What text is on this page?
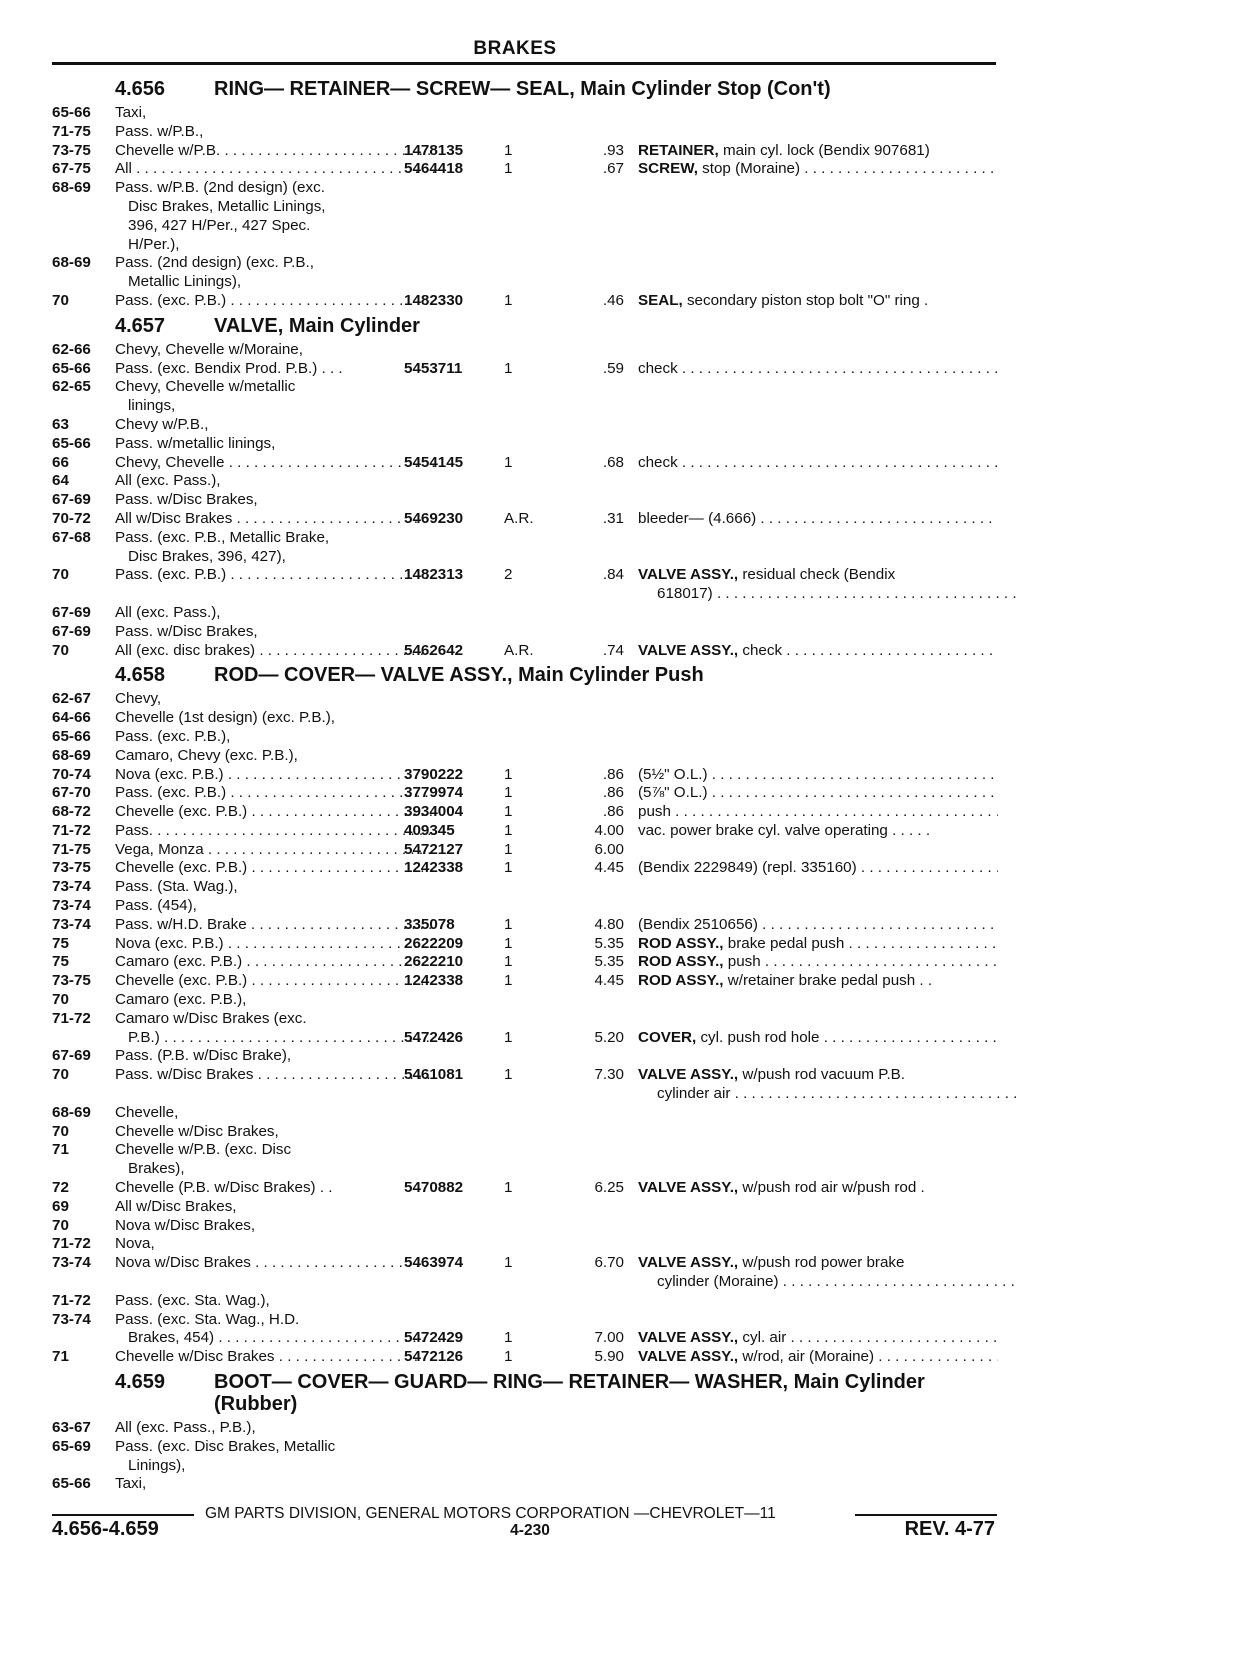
BRAKES
4.656 RING— RETAINER— SCREW— SEAL, Main Cylinder Stop (Con't)
65-66 Taxi,
71-75 Pass. w/P.B.,
73-75 Chevelle w/P.B. . . .	1478135	1	.93 RETAINER, main cyl. lock (Bendix 907681)
67-75 All . . .	5464418	1	.67 SCREW, stop (Moraine) . . .
68-69 Pass. w/P.B. (2nd design) (exc.
Disc Brakes, Metallic Linings,
396, 427 H/Per., 427 Spec.
H/Per.),
68-69 Pass. (2nd design) (exc. P.B.,
Metallic Linings),
70	Pass. (exc. P.B.) . . .	1482330	1	.46 SEAL, secondary piston stop bolt "O" ring .
4.657 VALVE, Main Cylinder
62-66 Chevy, Chevelle w/Moraine,
65-66 Pass. (exc. Bendix Prod. P.B.) . . .	5453711	1	.59 check . . .
62-65 Chevy, Chevelle w/metallic
linings,
63	Chevy w/P.B.,
65-66 Pass. w/metallic linings,
66	Chevy, Chevelle . . .	5454145	1	.68 check . . .
64	All (exc. Pass.),
67-69 Pass. w/Disc Brakes,
70-72 All w/Disc Brakes . . .	5469230	A.R.	.31 bleeder— (4.666) . . .
67-68 Pass. (exc. P.B., Metallic Brake,
Disc Brakes, 396, 427),
70	Pass. (exc. P.B.) . . .	1482313	2	.84 VALVE ASSY., residual check (Bendix
618017) . . .
67-69 All (exc. Pass.),
67-69 Pass. w/Disc Brakes,
70	All (exc. disc brakes) . . .	5462642	A.R.	.74 VALVE ASSY., check . . .
4.658 ROD— COVER— VALVE ASSY., Main Cylinder Push
62-67 Chevy,
64-66 Chevelle (1st design) (exc. P.B.),
65-66 Pass. (exc. P.B.),
68-69 Camaro, Chevy (exc. P.B.),
70-74 Nova (exc. P.B.) . . .	3790222	1	.86 (5½" O.L.) . . .
67-70 Pass. (exc. P.B.) . . .	3779974	1	.86 (5⅞" O.L.) . . .
68-72 Chevelle (exc. P.B.) . . .	3934004	1	.86 push . . .
71-72 Pass. . . .	409345	1	4.00 vac. power brake cyl. valve operating . . . . .
71-75 Vega, Monza . . .	5472127	1	6.00
73-75 Chevelle (exc. P.B.) . . .	1242338	1	4.45 (Bendix 2229849) (repl. 335160) . . .
73-74 Pass. (Sta. Wag.),
73-74 Pass. (454),
73-74 Pass. w/H.D. Brake . . .	335078	1	4.80 (Bendix 2510656) . . .
75	Nova (exc. P.B.) . . .	2622209	1	5.35 ROD ASSY., brake pedal push . . .
75	Camaro (exc. P.B.) . . .	2622210	1	5.35 ROD ASSY., push . . .
73-75 Chevelle (exc. P.B.) . . .	1242338	1	4.45 ROD ASSY., w/retainer brake pedal push . .
70	Camaro (exc. P.B.),
71-72 Camaro w/Disc Brakes (exc.
P.B.) . . .	5472426	1	5.20 COVER, cyl. push rod hole . . .
67-69 Pass. (P.B. w/Disc Brake),
70	Pass. w/Disc Brakes . . .	5461081	1	7.30 VALVE ASSY., w/push rod vacuum P.B.
cylinder air . . .
68-69 Chevelle,
70	Chevelle w/Disc Brakes,
71	Chevelle w/P.B. (exc. Disc
Brakes),
72	Chevelle (P.B. w/Disc Brakes) . .	5470882	1	6.25 VALVE ASSY., w/push rod air w/push rod .
69	All w/Disc Brakes,
70	Nova w/Disc Brakes,
71-72 Nova,
73-74 Nova w/Disc Brakes . . .	5463974	1	6.70 VALVE ASSY., w/push rod power brake
cylinder (Moraine) . . .
71-72 Pass. (exc. Sta. Wag.),
73-74 Pass. (exc. Sta. Wag., H.D.
Brakes, 454) . . .	5472429	1	7.00 VALVE ASSY., cyl. air . . .
71	Chevelle w/Disc Brakes . . .	5472126	1	5.90 VALVE ASSY., w/rod, air (Moraine) . . .
4.659 BOOT— COVER— GUARD— RING— RETAINER— WASHER, Main Cylinder (Rubber)
63-67 All (exc. Pass., P.B.),
65-69 Pass. (exc. Disc Brakes, Metallic
Linings),
65-66 Taxi,
GM PARTS DIVISION, GENERAL MOTORS CORPORATION —CHEVROLET—11
4.656-4.659	4-230	REV. 4-77
